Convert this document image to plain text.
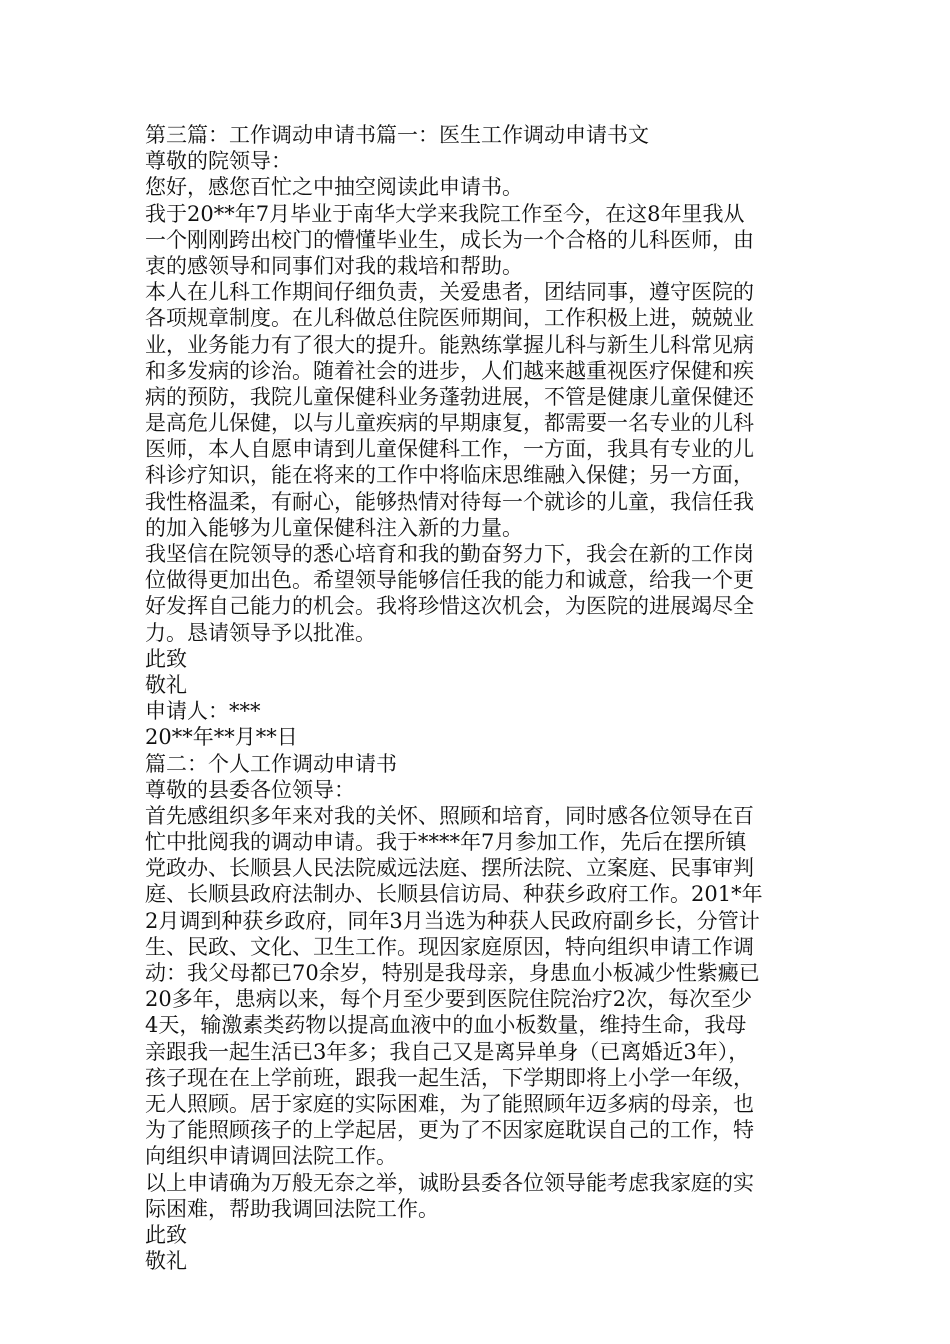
第三篇：工作调动申请书篇一：医生工作调动申请书文
尊敬的院领导：
您好，感您百忙之中抽空阅读此申请书。
我于20**年7月毕业于南华大学来我院工作至今，在这8年里我从
一个刚刚跨出校门的懵懂毕业生，成长为一个合格的儿科医师，由
衷的感领导和同事们对我的栽培和帮助。
本人在儿科工作期间仔细负责，关爱患者，团结同事，遵守医院的
各项规章制度。在儿科做总住院医师期间，工作积极上进，兢兢业
业，业务能力有了很大的提升。能熟练掌握儿科与新生儿科常见病
和多发病的诊治。随着社会的进步，人们越来越重视医疗保健和疾
病的预防，我院儿童保健科业务蓬勃进展，不管是健康儿童保健还
是高危儿保健，以与儿童疾病的早期康复，都需要一名专业的儿科
医师，本人自愿申请到儿童保健科工作，一方面，我具有专业的儿
科诊疗知识，能在将来的工作中将临床思维融入保健；另一方面，
我性格温柔，有耐心，能够热情对待每一个就诊的儿童，我信任我
的加入能够为儿童保健科注入新的力量。
我坚信在院领导的悉心培育和我的勤奋努力下，我会在新的工作岗
位做得更加出色。希望领导能够信任我的能力和诚意，给我一个更
好发挥自己能力的机会。我将珍惜这次机会，为医院的进展竭尽全
力。恳请领导予以批准。
此致
敬礼
申请人：***
20**年**月**日
篇二：个人工作调动申请书
尊敬的县委各位领导：
首先感组织多年来对我的关怀、照顾和培育，同时感各位领导在百
忙中批阅我的调动申请。我于****年7月参加工作，先后在摆所镇
党政办、长顺县人民法院威远法庭、摆所法院、立案庭、民事审判
庭、长顺县政府法制办、长顺县信访局、种获乡政府工作。201*年
2月调到种获乡政府，同年3月当选为种获人民政府副乡长，分管计
生、民政、文化、卫生工作。现因家庭原因，特向组织申请工作调
动：我父母都已70余岁，特别是我母亲，身患血小板减少性紫癜已
20多年，患病以来，每个月至少要到医院住院治疗2次，每次至少
4天，输激素类药物以提高血液中的血小板数量，维持生命，我母
亲跟我一起生活已3年多；我自己又是离异单身（已离婚近3年），
孩子现在在上学前班，跟我一起生活，下学期即将上小学一年级，
无人照顾。居于家庭的实际困难，为了能照顾年迈多病的母亲，也
为了能照顾孩子的上学起居，更为了不因家庭耽误自己的工作，特
向组织申请调回法院工作。
以上申请确为万般无奈之举，诚盼县委各位领导能考虑我家庭的实
际困难，帮助我调回法院工作。
此致
敬礼
